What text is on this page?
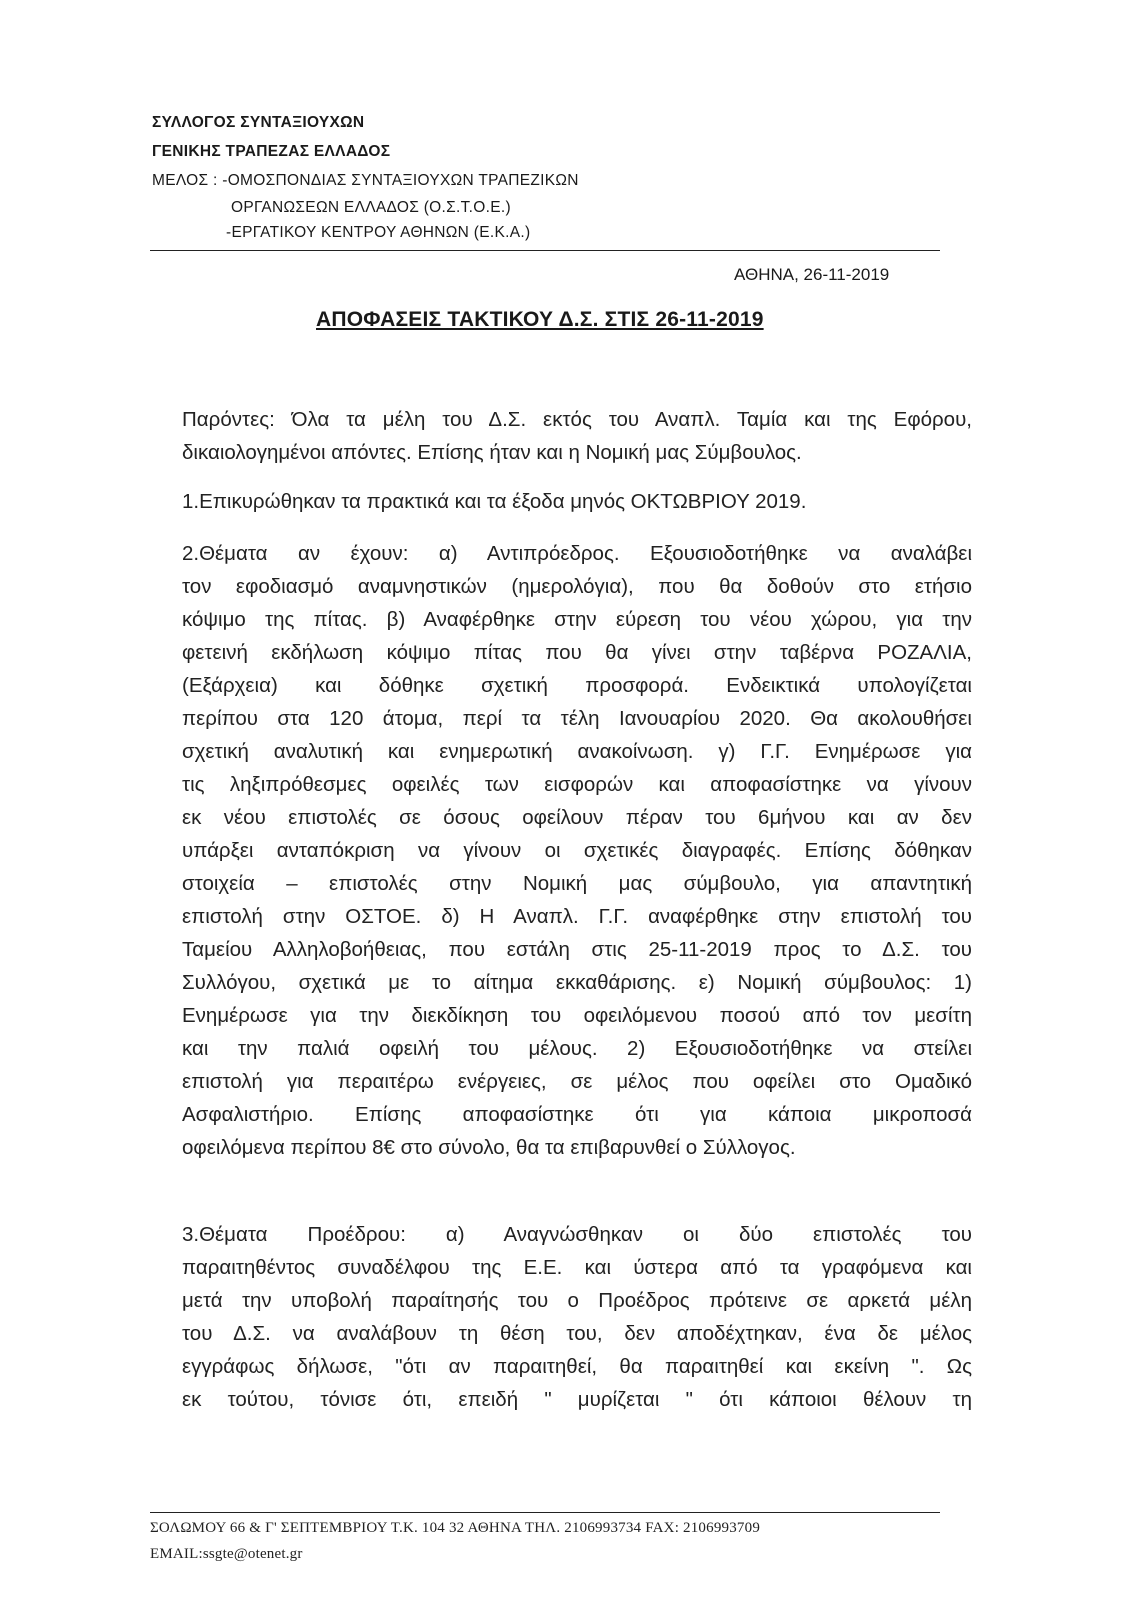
ΣΥΛΛΟΓΟΣ ΣΥΝΤΑΞΙΟΥΧΩΝ
ΓΕΝΙΚΗΣ ΤΡΑΠΕΖΑΣ ΕΛΛΑΔΟΣ
ΜΕΛΟΣ : -ΟΜΟΣΠΟΝΔΙΑΣ ΣΥΝΤΑΞΙΟΥΧΩΝ ΤΡΑΠΕΖΙΚΩΝ
ΟΡΓΑΝΩΣΕΩΝ ΕΛΛΑΔΟΣ (Ο.Σ.Τ.Ο.Ε.)
-ΕΡΓΑΤΙΚΟΥ ΚΕΝΤΡΟΥ ΑΘΗΝΩΝ (Ε.Κ.Α.)
ΑΘΗΝΑ, 26-11-2019
ΑΠΟΦΑΣΕΙΣ ΤΑΚΤΙΚΟΥ Δ.Σ. ΣΤΙΣ 26-11-2019
Παρόντες: Όλα τα μέλη του Δ.Σ. εκτός του Αναπλ. Ταμία και της Εφόρου,
δικαιολογημένοι απόντες. Επίσης ήταν και η Νομική μας Σύμβουλος.
1.Επικυρώθηκαν τα πρακτικά και τα έξοδα μηνός ΟΚΤΩΒΡΙΟΥ 2019.
2.Θέματα αν έχουν: α) Αντιπρόεδρος. Εξουσιοδοτήθηκε να αναλάβει
τον εφοδιασμό αναμνηστικών (ημερολόγια), που θα δοθούν στο ετήσιο
κόψιμο της πίτας. β) Αναφέρθηκε στην εύρεση του νέου χώρου, για την
φετεινή εκδήλωση κόψιμο πίτας που θα γίνει στην ταβέρνα ΡΟΖΑΛΙΑ,
(Εξάρχεια) και δόθηκε σχετική προσφορά. Ενδεικτικά υπολογίζεται
περίπου στα 120 άτομα, περί τα τέλη Ιανουαρίου 2020. Θα ακολουθήσει
σχετική αναλυτική και ενημερωτική ανακοίνωση. γ) Γ.Γ. Ενημέρωσε για
τις ληξιπρόθεσμες οφειλές των εισφορών και αποφασίστηκε να γίνουν
εκ νέου επιστολές σε όσους οφείλουν πέραν του 6μήνου και αν δεν
υπάρξει ανταπόκριση να γίνουν οι σχετικές διαγραφές. Επίσης δόθηκαν
στοιχεία – επιστολές στην Νομική μας σύμβουλο, για απαντητική
επιστολή στην ΟΣΤΟΕ. δ) Η Αναπλ. Γ.Γ. αναφέρθηκε στην επιστολή του
Ταμείου Αλληλοβοήθειας, που εστάλη στις 25-11-2019 προς το Δ.Σ. του
Συλλόγου, σχετικά με το αίτημα εκκαθάρισης. ε) Νομική σύμβουλος: 1)
Ενημέρωσε για την διεκδίκηση του οφειλόμενου ποσού από τον μεσίτη
και την παλιά οφειλή του μέλους. 2) Εξουσιοδοτήθηκε να στείλει
επιστολή για περαιτέρω ενέργειες, σε μέλος που οφείλει στο Ομαδικό
Ασφαλιστήριο. Επίσης αποφασίστηκε ότι για κάποια μικροποσά
οφειλόμενα περίπου 8€ στο σύνολο, θα τα επιβαρυνθεί ο Σύλλογος.
3.Θέματα Προέδρου: α) Αναγνώσθηκαν οι δύο επιστολές του
παραιτηθέντος συναδέλφου της Ε.Ε. και ύστερα από τα γραφόμενα και
μετά την υποβολή παραίτησής του ο Προέδρος πρότεινε σε αρκετά μέλη
του Δ.Σ. να αναλάβουν τη θέση του, δεν αποδέχτηκαν, ένα δε μέλος
εγγράφως δήλωσε, "ότι αν παραιτηθεί, θα παραιτηθεί και εκείνη ". Ως
εκ τούτου, τόνισε ότι, επειδή " μυρίζεται " ότι κάποιοι θέλουν τη
ΣΟΛΩΜΟΥ 66 & Γ' ΣΕΠΤΕΜΒΡΙΟΥ Τ.Κ. 104 32 ΑΘΗΝΑ ΤΗΛ. 2106993734 FAX: 2106993709
EMAIL:ssgte@otenet.gr
